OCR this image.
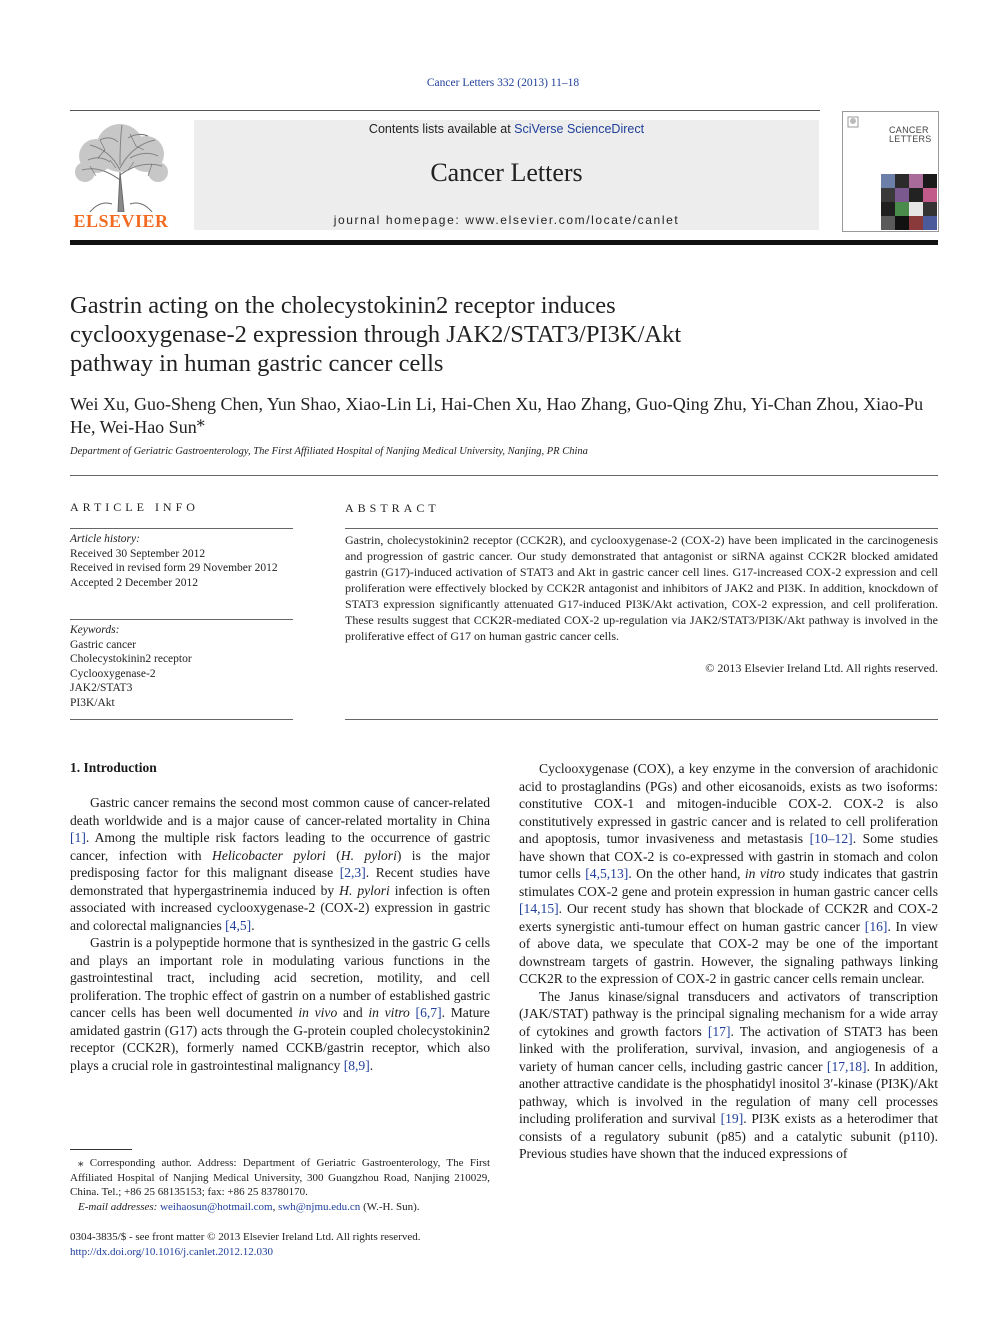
Cancer Letters 332 (2013) 11–18
ELSEVIER
Contents lists available at SciVerse ScienceDirect
Cancer Letters
journal homepage: www.elsevier.com/locate/canlet
CANCER
LETTERS
Gastrin acting on the cholecystokinin2 receptor induces cyclooxygenase-2 expression through JAK2/STAT3/PI3K/Akt pathway in human gastric cancer cells
Wei Xu, Guo-Sheng Chen, Yun Shao, Xiao-Lin Li, Hai-Chen Xu, Hao Zhang, Guo-Qing Zhu, Yi-Chan Zhou, Xiao-Pu He, Wei-Hao Sun⁎
Department of Geriatric Gastroenterology, The First Affiliated Hospital of Nanjing Medical University, Nanjing, PR China
ARTICLE INFO
Article history:
Received 30 September 2012
Received in revised form 29 November 2012
Accepted 2 December 2012
Keywords:
Gastric cancer
Cholecystokinin2 receptor
Cyclooxygenase-2
JAK2/STAT3
PI3K/Akt
ABSTRACT
Gastrin, cholecystokinin2 receptor (CCK2R), and cyclooxygenase-2 (COX-2) have been implicated in the carcinogenesis and progression of gastric cancer. Our study demonstrated that antagonist or siRNA against CCK2R blocked amidated gastrin (G17)-induced activation of STAT3 and Akt in gastric cancer cell lines. G17-increased COX-2 expression and cell proliferation were effectively blocked by CCK2R antagonist and inhibitors of JAK2 and PI3K. In addition, knockdown of STAT3 expression significantly attenuated G17-induced PI3K/Akt activation, COX-2 expression, and cell proliferation. These results suggest that CCK2R-mediated COX-2 up-regulation via JAK2/STAT3/PI3K/Akt pathway is involved in the proliferative effect of G17 on human gastric cancer cells.
© 2013 Elsevier Ireland Ltd. All rights reserved.
1. Introduction

Gastric cancer remains the second most common cause of cancer-related death worldwide and is a major cause of cancer-related mortality in China [1]. Among the multiple risk factors leading to the occurrence of gastric cancer, infection with Helicobacter pylori (H. pylori) is the major predisposing factor for this malignant disease [2,3]. Recent studies have demonstrated that hypergastrinemia induced by H. pylori infection is often associated with increased cyclooxygenase-2 (COX-2) expression in gastric and colorectal malignancies [4,5].

Gastrin is a polypeptide hormone that is synthesized in the gastric G cells and plays an important role in modulating various functions in the gastrointestinal tract, including acid secretion, motility, and cell proliferation. The trophic effect of gastrin on a number of established gastric cancer cells has been well documented in vivo and in vitro [6,7]. Mature amidated gastrin (G17) acts through the G-protein coupled cholecystokinin2 receptor (CCK2R), formerly named CCKB/gastrin receptor, which also plays a crucial role in gastrointestinal malignancy [8,9].

Cyclooxygenase (COX), a key enzyme in the conversion of arachidonic acid to prostaglandins (PGs) and other eicosanoids, exists as two isoforms: constitutive COX-1 and mitogen-inducible COX-2. COX-2 is also constitutively expressed in gastric cancer and is related to cell proliferation and apoptosis, tumor invasiveness and metastasis [10–12]. Some studies have shown that COX-2 is co-expressed with gastrin in stomach and colon tumor cells [4,5,13]. On the other hand, in vitro study indicates that gastrin stimulates COX-2 gene and protein expression in human gastric cancer cells [14,15]. Our recent study has shown that blockade of CCK2R and COX-2 exerts synergistic anti-tumour effect on human gastric cancer [16]. In view of above data, we speculate that COX-2 may be one of the important downstream targets of gastrin. However, the signaling pathways linking CCK2R to the expression of COX-2 in gastric cancer cells remain unclear.

The Janus kinase/signal transducers and activators of transcription (JAK/STAT) pathway is the principal signaling mechanism for a wide array of cytokines and growth factors [17]. The activation of STAT3 has been linked with the proliferation, survival, invasion, and angiogenesis of a variety of human cancer cells, including gastric cancer [17,18]. In addition, another attractive candidate is the phosphatidyl inositol 3′-kinase (PI3K)/Akt pathway, which is involved in the regulation of many cell processes including proliferation and survival [19]. PI3K exists as a heterodimer that consists of a regulatory subunit (p85) and a catalytic subunit (p110). Previous studies have shown that the induced expressions of

⁎ Corresponding author. Address: Department of Geriatric Gastroenterology, The First Affiliated Hospital of Nanjing Medical University, 300 Guangzhou Road, Nanjing 210029, China. Tel.; +86 25 68135153; fax: +86 25 83780170.

E-mail addresses: weihaosun@hotmail.com, swh@njmu.edu.cn (W.-H. Sun).

0304-3835/$ - see front matter © 2013 Elsevier Ireland Ltd. All rights reserved.
http://dx.doi.org/10.1016/j.canlet.2012.12.030
